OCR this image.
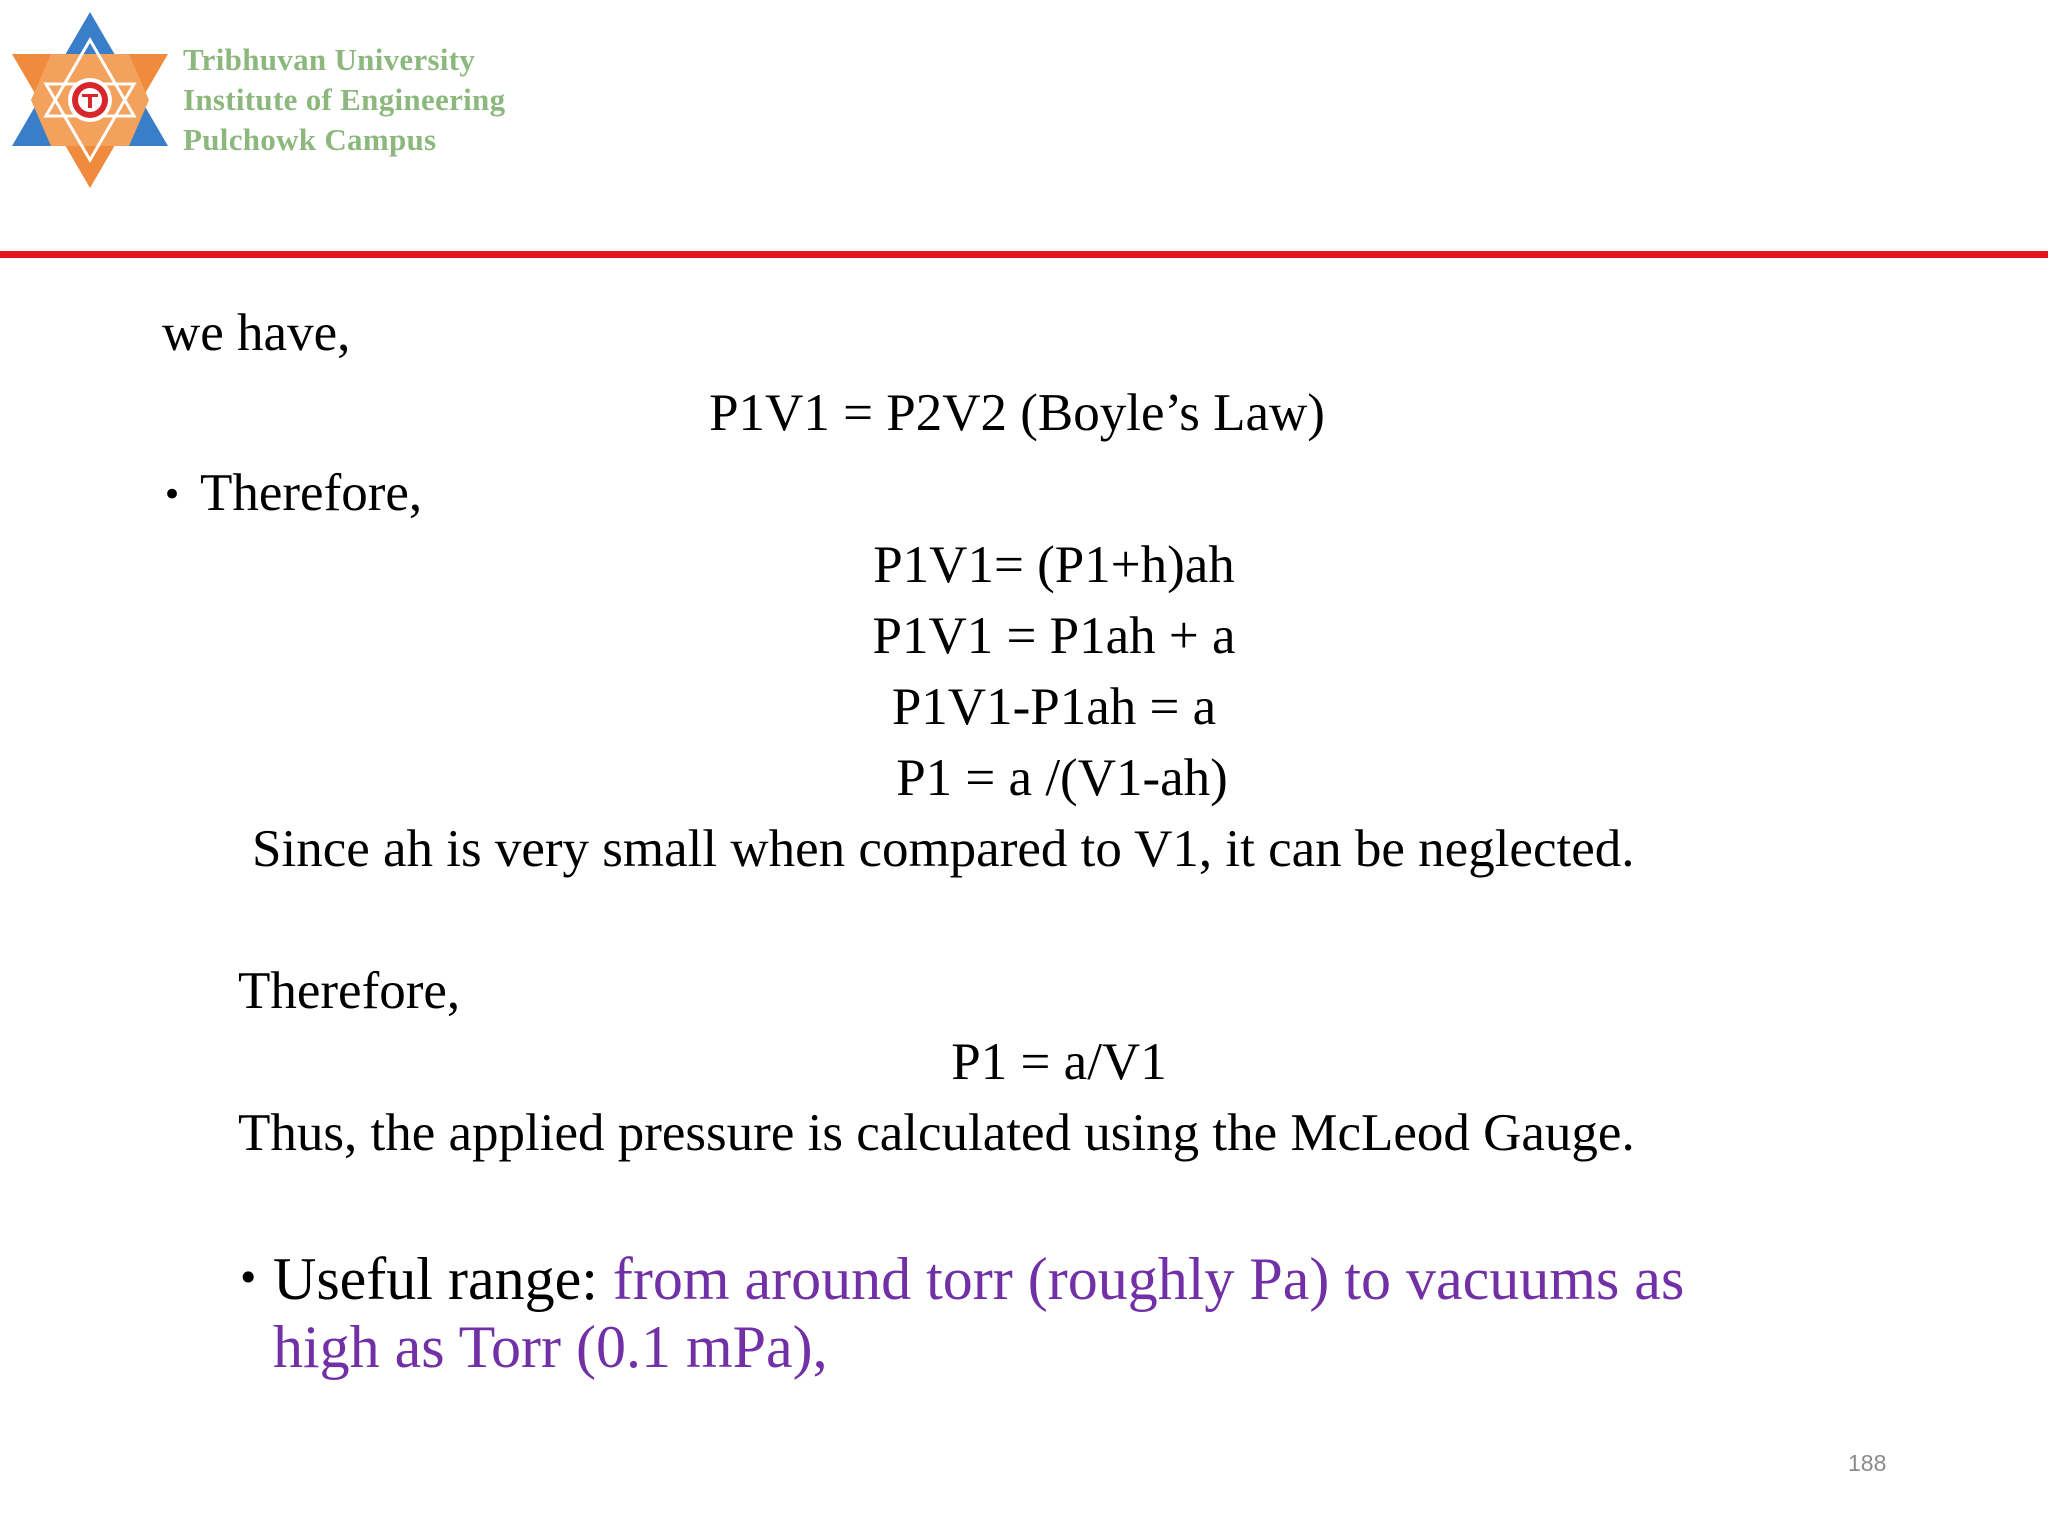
Tribhuvan University
Institute of Engineering
Pulchowk Campus
we have,
P1V1 = P2V2 (Boyle’s Law)
• Therefore,
P1V1= (P1+h)ah
P1V1 = P1ah + a
P1V1-P1ah = a
P1 = a /(V1-ah)
Since ah is very small when compared to V1, it can be neglected.
Therefore,
P1 = a/V1
Thus, the applied pressure is calculated using the McLeod Gauge.
• Useful range: from around torr (roughly Pa) to vacuums as
high as Torr (0.1 mPa),
188
